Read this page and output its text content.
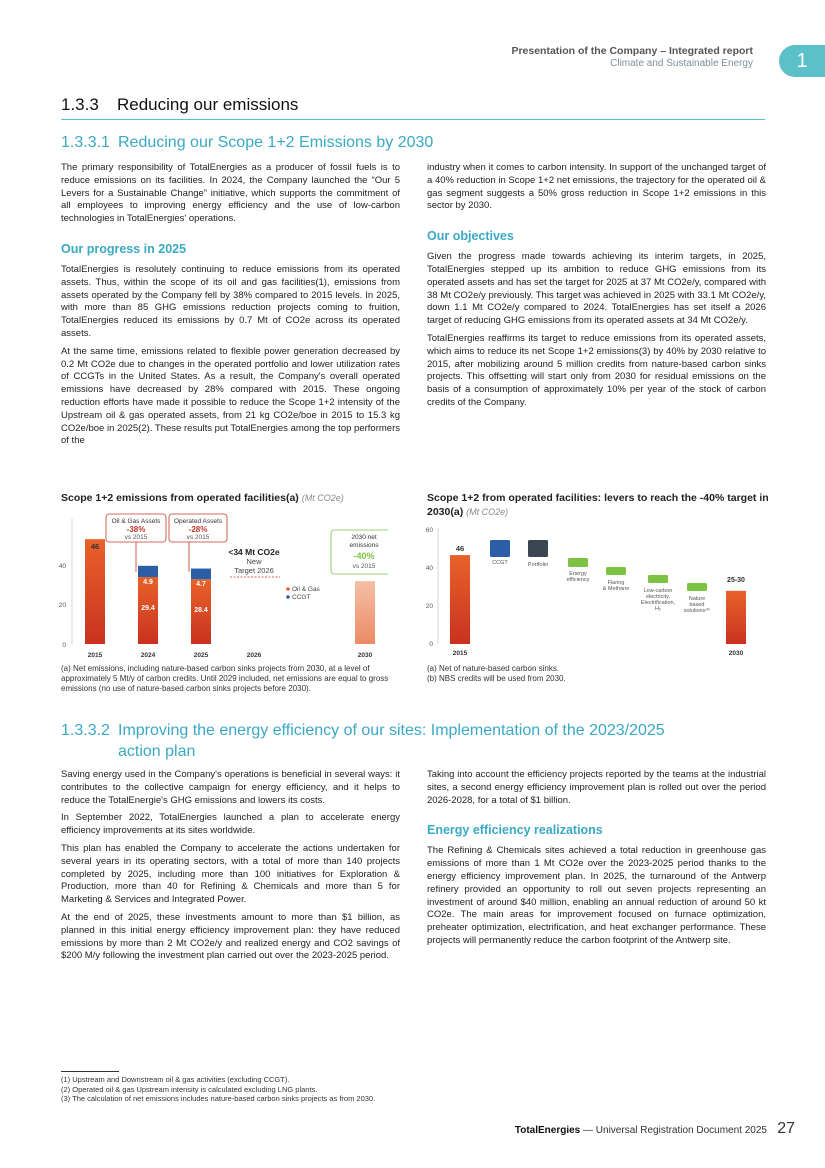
Presentation of the Company – Integrated report
Climate and Sustainable Energy	1
1.3.3 Reducing our emissions
1.3.3.1 Reducing our Scope 1+2 Emissions by 2030
The primary responsibility of TotalEnergies as a producer of fossil fuels is to reduce emissions on its facilities. In 2024, the Company launched the “Our 5 Levers for a Sustainable Change” initiative, which supports the commitment of all employees to improving energy efficiency and the use of low-carbon technologies in TotalEnergies' operations.
Our progress in 2025
TotalEnergies is resolutely continuing to reduce emissions from its operated assets. Thus, within the scope of its oil and gas facilities(1), emissions from assets operated by the Company fell by 38% compared to 2015 levels. In 2025, with more than 85 GHG emissions reduction projects coming to fruition, TotalEnergies reduced its emissions by 0.7 Mt of CO2e across its operated assets.
At the same time, emissions related to flexible power generation decreased by 0.2 Mt CO2e due to changes in the operated portfolio and lower utilization rates of CCGTs in the United States. As a result, the Company's overall operated emissions have decreased by 28% compared with 2015. These ongoing reduction efforts have made it possible to reduce the Scope 1+2 intensity of the Upstream oil & gas operated assets, from 21 kg CO2e/boe in 2015 to 15.3 kg CO2e/boe in 2025(2). These results put TotalEnergies among the top performers of the
industry when it comes to carbon intensity. In support of the unchanged target of a 40% reduction in Scope 1+2 net emissions, the trajectory for the operated oil & gas segment suggests a 50% gross reduction in Scope 1+2 emissions in this sector by 2030.
Our objectives
Given the progress made towards achieving its interim targets, in 2025, TotalEnergies stepped up its ambition to reduce GHG emissions from its operated assets and has set the target for 2025 at 37 Mt CO2e/y, compared with 38 Mt CO2e/y previously. This target was achieved in 2025 with 33.1 Mt CO2e/y, down 1.1 Mt CO2e/y compared to 2024. TotalEnergies has set itself a 2026 target of reducing GHG emissions from its operated assets at 34 Mt CO2e/y.
TotalEnergies reaffirms its target to reduce emissions from its operated assets, which aims to reduce its net Scope 1+2 emissions(3) by 40% by 2030 relative to 2015, after mobilizing around 5 million credits from nature-based carbon sinks projects. This offsetting will start only from 2030 for residual emissions on the basis of a consumption of approximately 10% per year of the stock of carbon credits of the Company.
Scope 1+2 emissions from operated facilities(a) (Mt CO2e)
0
20
40
46
29.4
4.9
28.4
4.7
2015	2024	2025	2026	2030
Oil & Gas Assets
-38%
vs 2015
Operated Assets
-28%
vs 2015
<34 Mt CO2e
New
Target 2026
Oil & Gas
CCGT
2030 net
emissions
-40%
vs 2015
(a) Net emissions, including nature-based carbon sinks projects from 2030, at a level of approximately 5 Mt/y of carbon credits. Until 2029 included, net emissions are equal to gross emissions (no use of nature-based carbon sinks projects before 2030).
Scope 1+2 from operated facilities: levers to reach the -40% target in 2030(a) (Mt CO2e)
0
20
40
60
46
25-30
CCGT	Portfolio
Energy efficiency	Flaring & Methane	Low-carbon electricity, Electrification, H₂
Nature based solutions⁽ᵇ⁾
2015	2030
(a) Net of nature-based carbon sinks.
(b) NBS credits will be used from 2030.
1.3.3.2 Improving the energy efficiency of our sites: Implementation of the 2023/2025
action plan
Saving energy used in the Company's operations is beneficial in several ways: it contributes to the collective campaign for energy efficiency, and it helps to reduce the TotalEnergie's GHG emissions and lowers its costs.
In September 2022, TotalEnergies launched a plan to accelerate energy efficiency improvements at its sites worldwide.
This plan has enabled the Company to accelerate the actions undertaken for several years in its operating sectors, with a total of more than 140 projects completed by 2025, including more than 100 initiatives for Exploration & Production, more than 40 for Refining & Chemicals and more than 5 for Marketing & Services and Integrated Power.
At the end of 2025, these investments amount to more than $1 billion, as planned in this initial energy efficiency improvement plan: they have reduced emissions by more than 2 Mt CO2e/y and realized energy and CO2 savings of $200 M/y following the investment plan carried out over the 2023-2025 period.
Taking into account the efficiency projects reported by the teams at the industrial sites, a second energy efficiency improvement plan is rolled out over the period 2026-2028, for a total of $1 billion.
Energy efficiency realizations
The Refining & Chemicals sites achieved a total reduction in greenhouse gas emissions of more than 1 Mt CO2e over the 2023-2025 period thanks to the energy efficiency improvement plan. In 2025, the turnaround of the Antwerp refinery provided an opportunity to roll out seven projects representing an investment of around $40 million, enabling an annual reduction of around 50 kt CO2e. The main areas for improvement focused on furnace optimization, preheater optimization, electrification, and heat exchanger performance. These projects will permanently reduce the carbon footprint of the Antwerp site.
(1) Upstream and Downstream oil & gas activities (excluding CCGT).
(2) Operated oil & gas Upstream intensity is calculated excluding LNG plants.
(3) The calculation of net emissions includes nature-based carbon sinks projects as from 2030.
TotalEnergies — Universal Registration Document 2025 27
